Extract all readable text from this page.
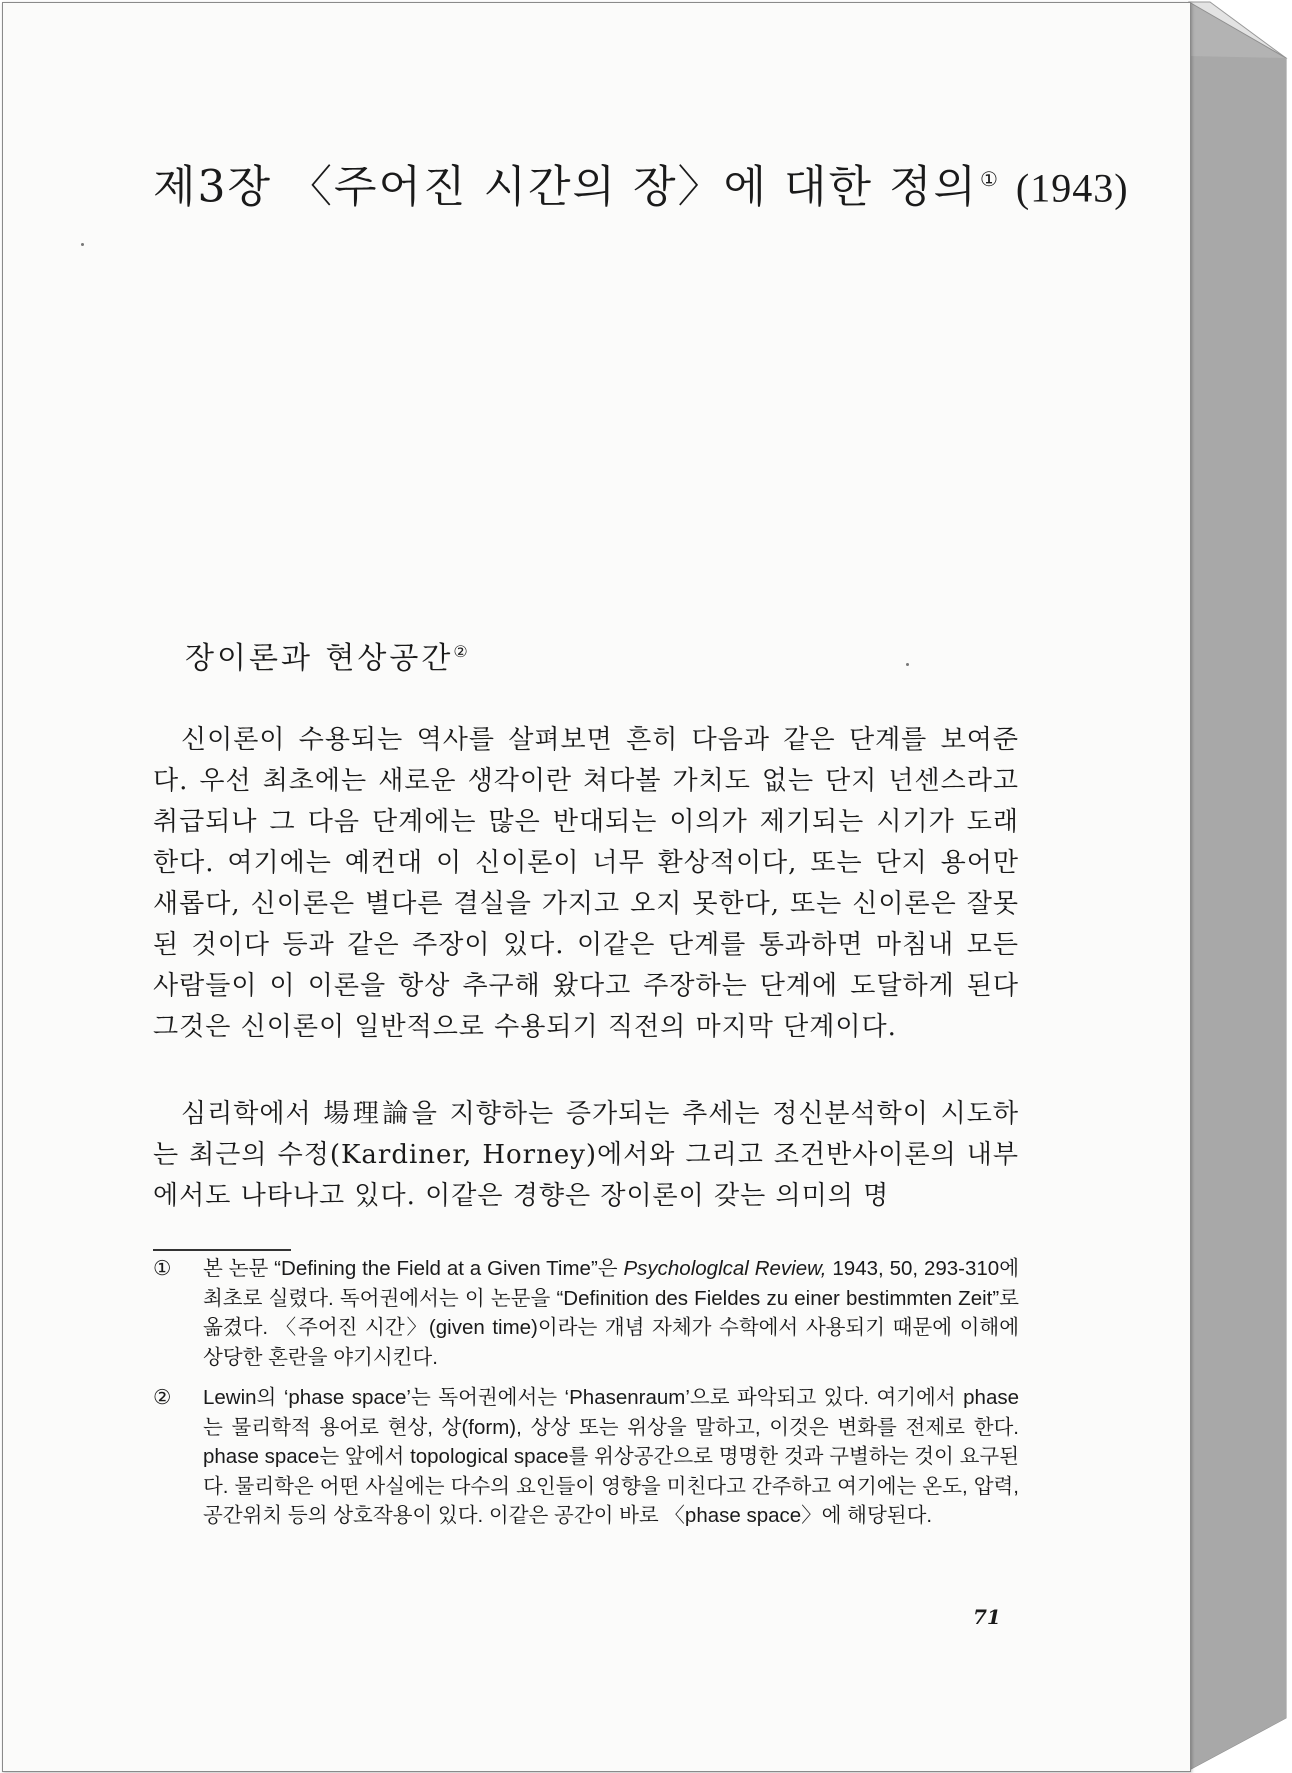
제3장 〈주어진 시간의 장〉에 대한 정의 ① (1943)
장이론과 현상공간②

신이론이 수용되는 역사를 살펴보면 흔히 다음과 같은 단계를 보여준다. 우선 최초에는 새로운 생각이란 쳐다볼 가치도 없는 단지 넌센스라고 취급되나 그 다음 단계에는 많은 반대되는 이의가 제기되는 시기가 도래한다. 여기에는 예컨대 이 신이론이 너무 환상적이다, 또는 단지 용어만 새롭다, 신이론은 별다른 결실을 가지고 오지 못한다, 또는 신이론은 잘못된 것이다 등과 같은 주장이 있다. 이같은 단계를 통과하면 마침내 모든 사람들이 이 이론을 항상 추구해 왔다고 주장하는 단계에 도달하게 된다 그것은 신이론이 일반적으로 수용되기 직전의 마지막 단계이다.

심리학에서 場理論을 지향하는 증가되는 추세는 정신분석학이 시도하는 최근의 수정(Kardiner, Horney)에서와 그리고 조건반사이론의 내부에서도 나타나고 있다. 이같은 경향은 장이론이 갖는 의미의 명

① 본 논문 “Defining the Field at a Given Time”은 Psychologlcal Review, 1943, 50, 293-310에 최초로 실렸다. 독어권에서는 이 논문을 “Definition des Fieldes zu einer bestimmten Zeit”로 옮겼다. 〈주어진 시간〉(given time)이라는 개념 자체가 수학에서 사용되기 때문에 이해에 상당한 혼란을 야기시킨다.

② Lewin의 ‘phase space’는 독어권에서는 ‘Phasenraum’으로 파악되고 있다. 여기에서 phase는 물리학적 용어로 현상, 상(form), 상상 또는 위상을 말하고, 이것은 변화를 전제로 한다. phase space는 앞에서 topological space를 위상공간으로 명명한 것과 구별하는 것이 요구된다. 물리학은 어떤 사실에는 다수의 요인들이 영향을 미친다고 간주하고 여기에는 온도, 압력, 공간위치 등의 상호작용이 있다. 이같은 공간이 바로 〈phase space〉에 해당된다.

71
